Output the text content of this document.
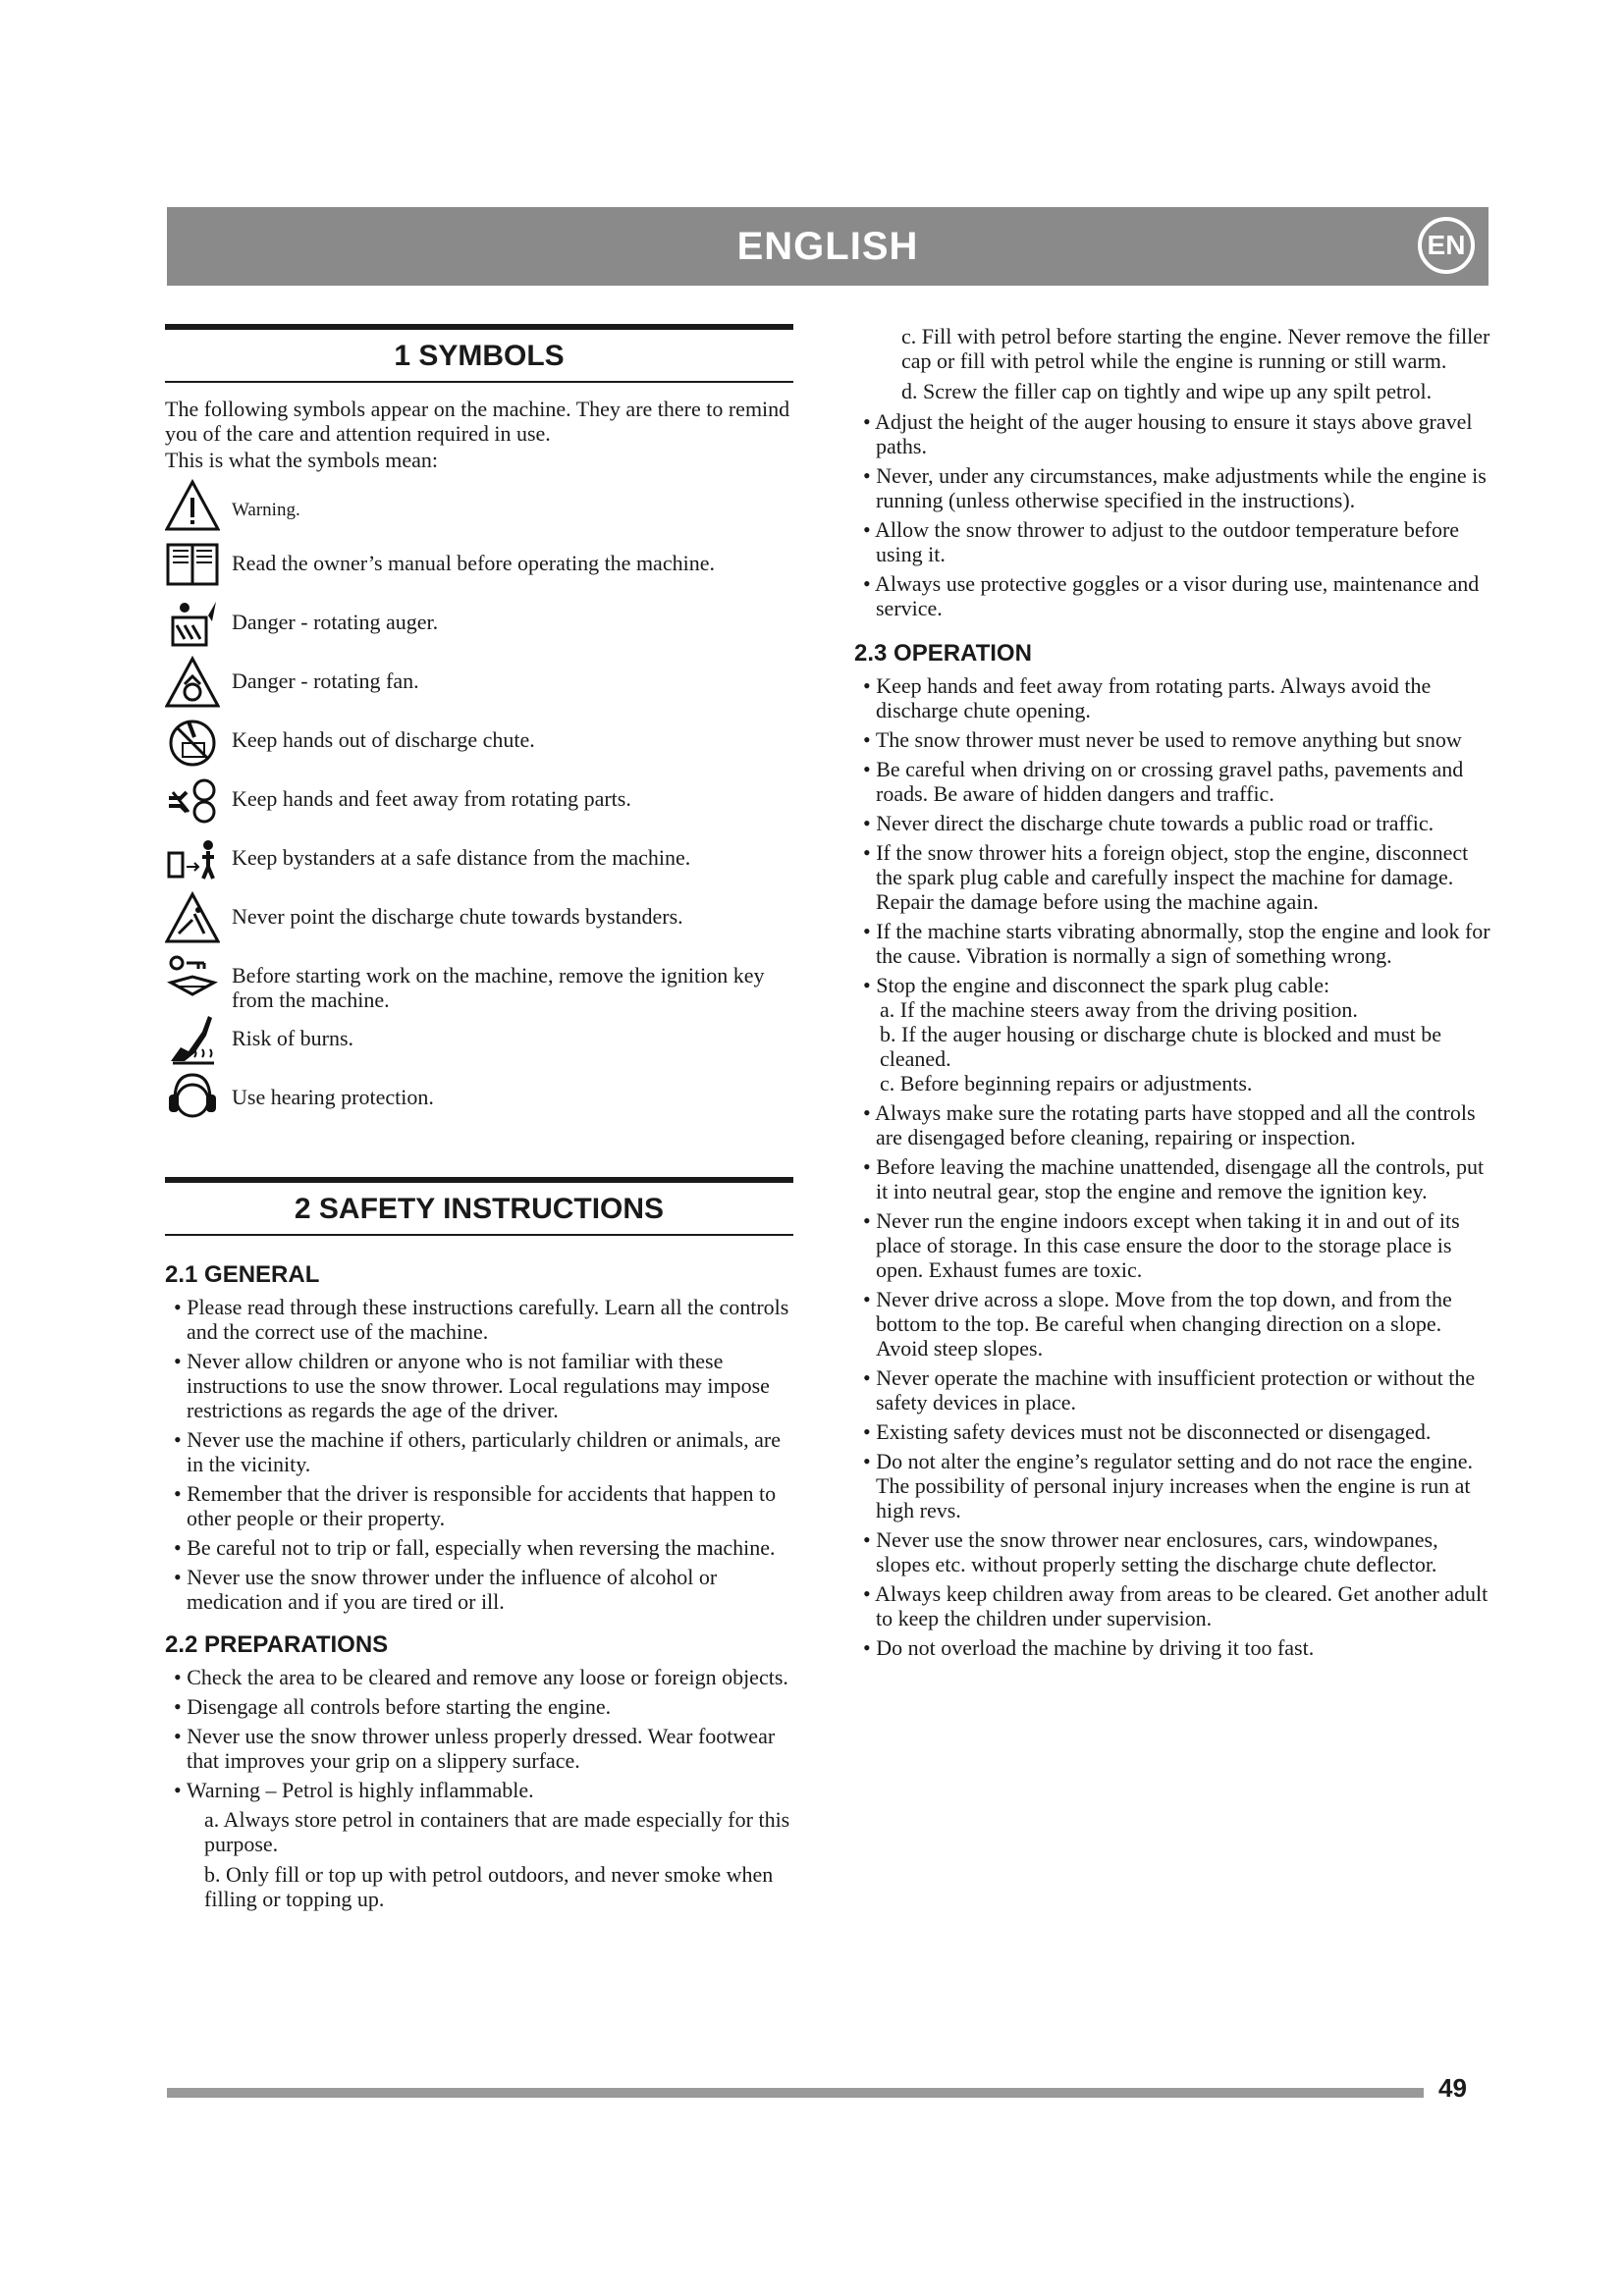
ENGLISH	EN
1 SYMBOLS

The following symbols appear on the machine. They are there to remind you of the care and attention required in use.

This is what the symbols mean:

Warning.
Read the owner’s manual before operating the machine.
Danger - rotating auger.
Danger - rotating fan.
Keep hands out of discharge chute.
Keep hands and feet away from rotating parts.
Keep bystanders at a safe distance from the machine.
Never point the discharge chute towards bystanders.
Before starting work on the machine, remove the ignition key from the machine.
Risk of burns.
Use hearing protection.
2 SAFETY INSTRUCTIONS
2.1 GENERAL
• Please read through these instructions carefully. Learn all the controls and the correct use of the machine.
• Never allow children or anyone who is not familiar with these instructions to use the snow thrower. Local regulations may impose restrictions as regards the age of the driver.
• Never use the machine if others, particularly children or animals, are in the vicinity.
• Remember that the driver is responsible for accidents that happen to other people or their property.
• Be careful not to trip or fall, especially when reversing the machine.
• Never use the snow thrower under the influence of alcohol or medication and if you are tired or ill.
2.2 PREPARATIONS
• Check the area to be cleared and remove any loose or foreign objects.
• Disengage all controls before starting the engine.
• Never use the snow thrower unless properly dressed. Wear footwear that improves your grip on a slippery surface.
• Warning – Petrol is highly inflammable.
a. Always store petrol in containers that are made especially for this purpose.
b. Only fill or top up with petrol outdoors, and never smoke when filling or topping up.
c. Fill with petrol before starting the engine. Never remove the filler cap or fill with petrol while the engine is running or still warm.
d. Screw the filler cap on tightly and wipe up any spilt petrol.
• Adjust the height of the auger housing to ensure it stays above gravel paths.
• Never, under any circumstances, make adjustments while the engine is running (unless otherwise specified in the instructions).
• Allow the snow thrower to adjust to the outdoor temperature before using it.
• Always use protective goggles or a visor during use, maintenance and service.
2.3 OPERATION
• Keep hands and feet away from rotating parts. Always avoid the discharge chute opening.
• The snow thrower must never be used to remove anything but snow
• Be careful when driving on or crossing gravel paths, pavements and roads. Be aware of hidden dangers and traffic.
• Never direct the discharge chute towards a public road or traffic.
• If the snow thrower hits a foreign object, stop the engine, disconnect the spark plug cable and carefully inspect the machine for damage. Repair the damage before using the machine again.
• If the machine starts vibrating abnormally, stop the engine and look for the cause. Vibration is normally a sign of something wrong.
• Stop the engine and disconnect the spark plug cable:
a. If the machine steers away from the driving position.
b. If the auger housing or discharge chute is blocked and must be cleaned.
c. Before beginning repairs or adjustments.
• Always make sure the rotating parts have stopped and all the controls are disengaged before cleaning, repairing or inspection.
• Before leaving the machine unattended, disengage all the controls, put it into neutral gear, stop the engine and remove the ignition key.
• Never run the engine indoors except when taking it in and out of its place of storage. In this case ensure the door to the storage place is open. Exhaust fumes are toxic.
• Never drive across a slope. Move from the top down, and from the bottom to the top. Be careful when changing direction on a slope. Avoid steep slopes.
• Never operate the machine with insufficient protection or without the safety devices in place.
• Existing safety devices must not be disconnected or disengaged.
• Do not alter the engine’s regulator setting and do not race the engine. The possibility of personal injury increases when the engine is run at high revs.
• Never use the snow thrower near enclosures, cars, windowpanes, slopes etc. without properly setting the discharge chute deflector.
• Always keep children away from areas to be cleared. Get another adult to keep the children under supervision.
• Do not overload the machine by driving it too fast.
49
